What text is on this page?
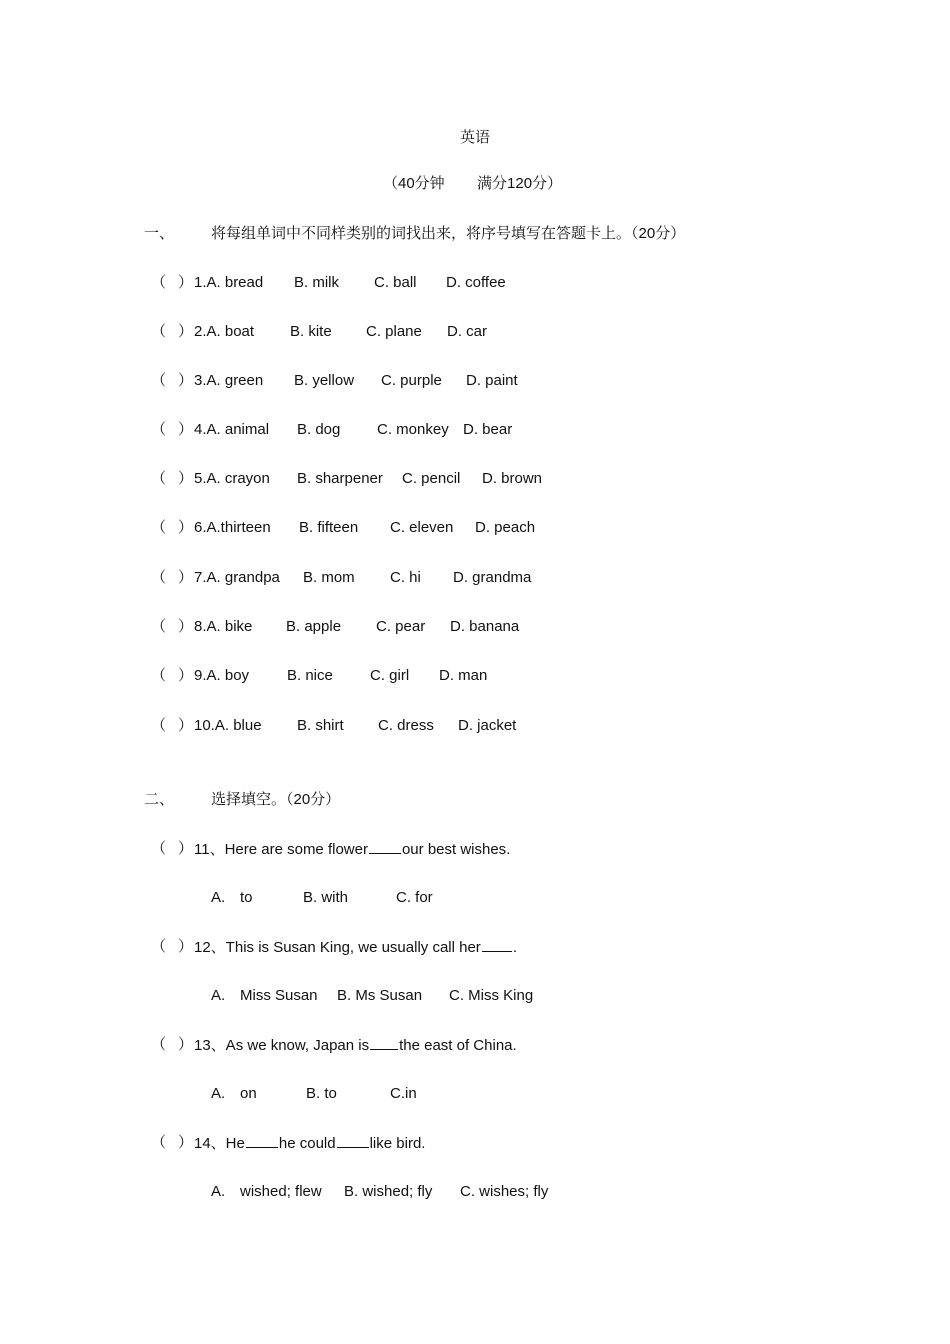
英语
（40分钟 满分120分）
一、 将每组单词中不同样类别的词找出来，将序号填写在答题卡上。（20分）
（ ） 1.A. bread B. milk C. ball D. coffee
（ ） 2.A. boat B. kite C. plane D. car
（ ） 3.A. green B. yellow C. purple D. paint
（ ） 4.A. animal B. dog C. monkey D. bear
（ ） 5.A. crayon B. sharpener C. pencil D. brown
（ ） 6.A.thirteen B. fifteen C. eleven D. peach
（ ） 7.A. grandpa B. mom C. hi D. grandma
（ ） 8.A. bike B. apple C. pear D. banana
（ ） 9.A. boy	B. nice C. girl D. man
（ ） 10.A. blue B. shirt C. dress D. jacket
二、 选择填空。（20分）
（ ） 11、Here are some flower our best wishes.
A. to	B. with	C. for
（ ） 12、This is Susan King, we usually call her .
A. Miss Susan B. Ms Susan C. Miss King
（ ） 13、As we know, Japan is the east of China.
A. on	B. to	C.in
（ ） 14、He he could like bird.
A. wished; flew B. wished; fly C. wishes; fly
